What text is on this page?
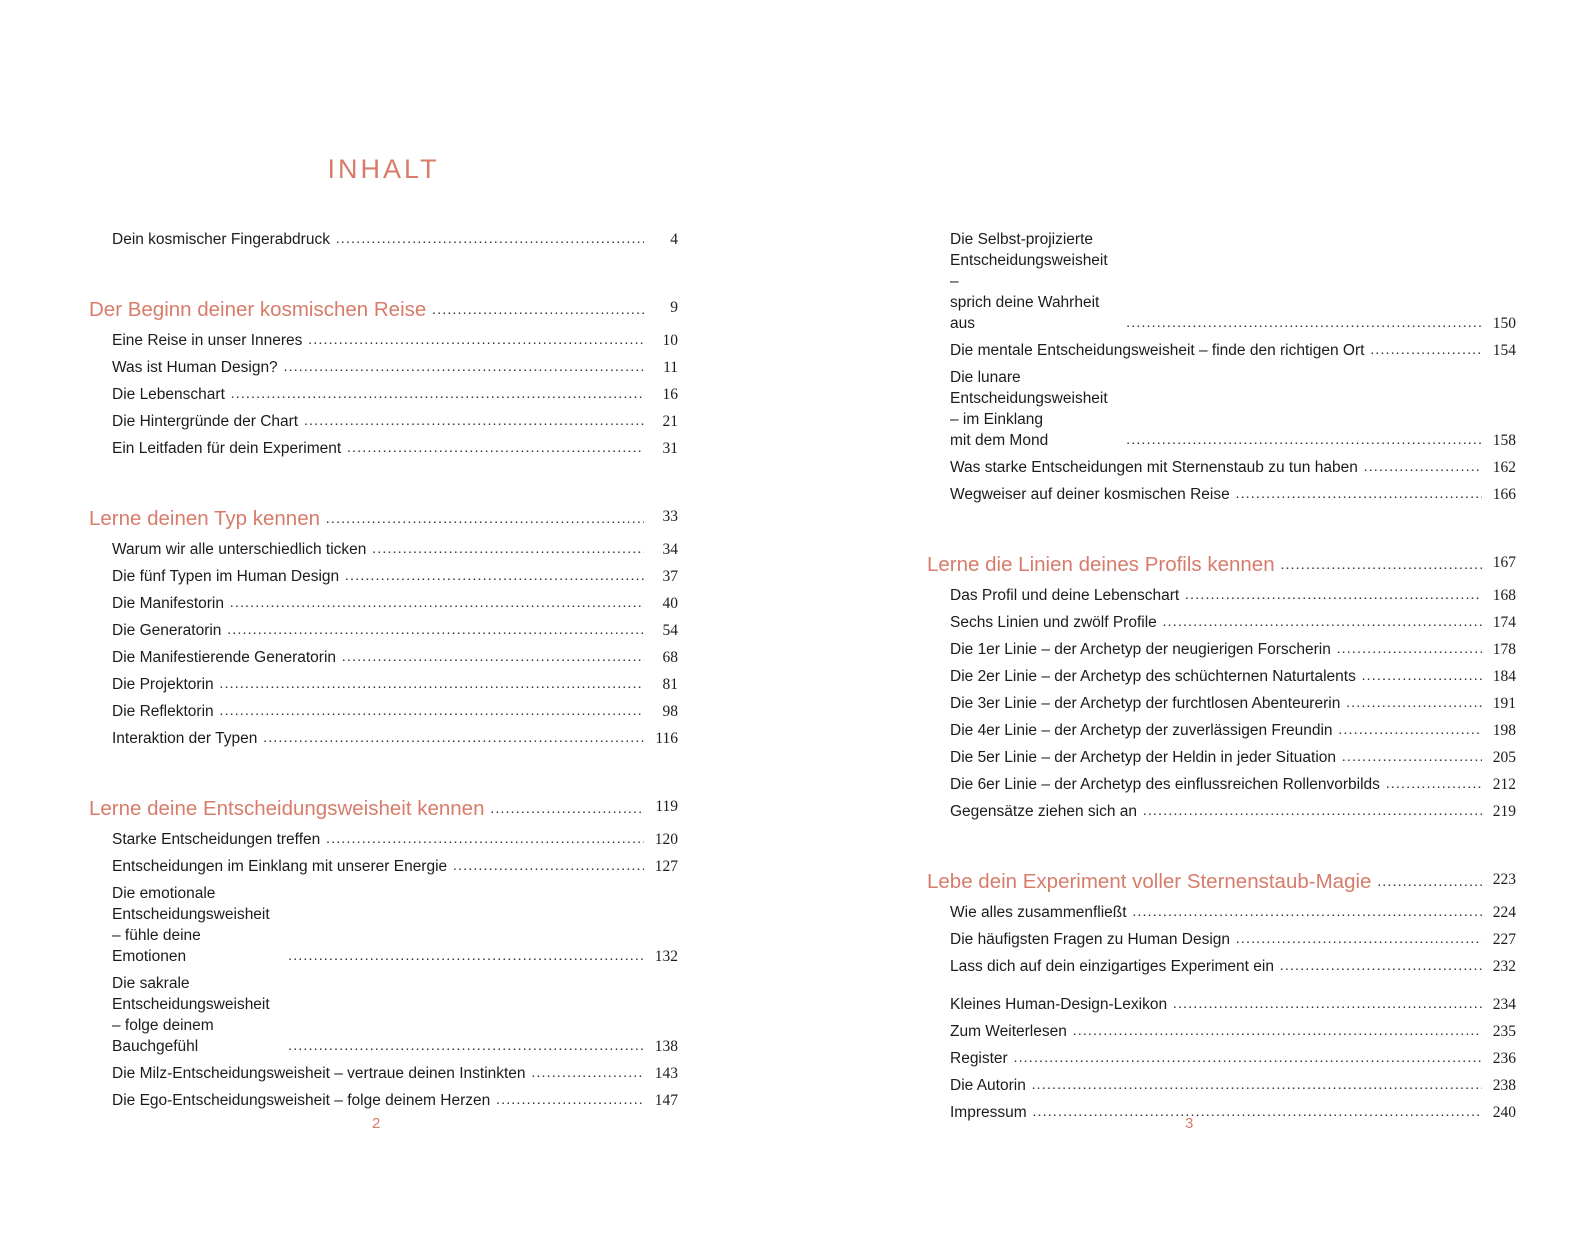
INHALT
Dein kosmischer Fingerabdruck .....	4
Der Beginn deiner kosmischen Reise .....	9
Eine Reise in unser Inneres .....	10
Was ist Human Design? .....	11
Die Lebenschart .....	16
Die Hintergründe der Chart .....	21
Ein Leitfaden für dein Experiment .....	31
Lerne deinen Typ kennen .....	33
Warum wir alle unterschiedlich ticken .....	34
Die fünf Typen im Human Design .....	37
Die Manifestorin .....	40
Die Generatorin .....	54
Die Manifestierende Generatorin .....	68
Die Projektorin .....	81
Die Reflektorin .....	98
Interaktion der Typen .....	116
Lerne deine Entscheidungsweisheit kennen .....	119
Starke Entscheidungen treffen .....	120
Entscheidungen im Einklang mit unserer Energie .....	127
Die emotionale Entscheidungsweisheit – fühle deine
Emotionen .....	132
Die sakrale Entscheidungsweisheit – folge deinem
Bauchgefühl .....	138
Die Milz-Entscheidungsweisheit – vertraue deinen Instinkten .....	143
Die Ego-Entscheidungsweisheit – folge deinem Herzen .....	147
2
Die Selbst-projizierte Entscheidungsweisheit –
sprich deine Wahrheit aus .....	150
Die mentale Entscheidungsweisheit – finde den richtigen Ort .....	154
Die lunare Entscheidungsweisheit – im Einklang
mit dem Mond .....	158
Was starke Entscheidungen mit Sternenstaub zu tun haben .....	162
Wegweiser auf deiner kosmischen Reise .....	166
Lerne die Linien deines Profils kennen .....	167
Das Profil und deine Lebenschart .....	168
Sechs Linien und zwölf Profile .....	174
Die 1er Linie – der Archetyp der neugierigen Forscherin .....	178
Die 2er Linie – der Archetyp des schüchternen Naturtalents .....	184
Die 3er Linie – der Archetyp der furchtlosen Abenteurerin .....	191
Die 4er Linie – der Archetyp der zuverlässigen Freundin .....	198
Die 5er Linie – der Archetyp der Heldin in jeder Situation .....	205
Die 6er Linie – der Archetyp des einflussreichen Rollenvorbilds .....	212
Gegensätze ziehen sich an .....	219
Lebe dein Experiment voller Sternenstaub-Magie .....	223
Wie alles zusammenfließt .....	224
Die häufigsten Fragen zu Human Design .....	227
Lass dich auf dein einzigartiges Experiment ein .....	232
Kleines Human-Design-Lexikon .....	234
Zum Weiterlesen .....	235
Register .....	236
Die Autorin .....	238
Impressum .....	240
3
